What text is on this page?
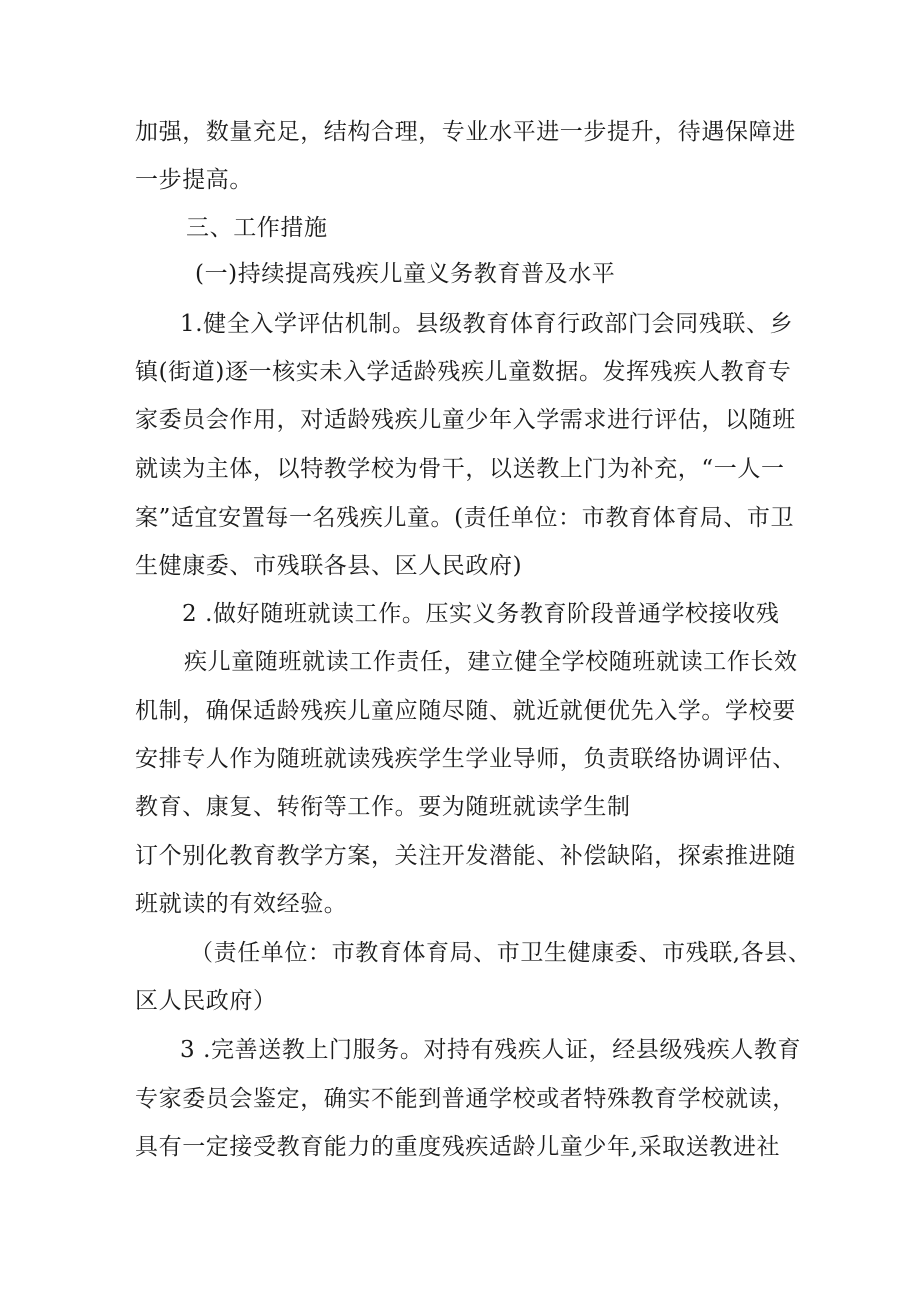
加强，数量充足，结构合理，专业水平进一步提升，待遇保障进
一步提高。
三、工作措施
(一)持续提高残疾儿童义务教育普及水平
1.健全入学评估机制。县级教育体育行政部门会同残联、乡
镇(街道)逐一核实未入学适龄残疾儿童数据。发挥残疾人教育专
家委员会作用，对适龄残疾儿童少年入学需求进行评估，以随班
就读为主体，以特教学校为骨干，以送教上门为补充，“一人一
案”适宜安置每一名残疾儿童。(责任单位：市教育体育局、市卫
生健康委、市残联各县、区人民政府)
2 .做好随班就读工作。压实义务教育阶段普通学校接收残
疾儿童随班就读工作责任，建立健全学校随班就读工作长效
机制，确保适龄残疾儿童应随尽随、就近就便优先入学。学校要
安排专人作为随班就读残疾学生学业导师，负责联络协调评估、
教育、康复、转衔等工作。要为随班就读学生制
订个别化教育教学方案，关注开发潜能、补偿缺陷，探索推进随
班就读的有效经验。
（责任单位：市教育体育局、市卫生健康委、市残联,各县、
区人民政府）
3 .完善送教上门服务。对持有残疾人证，经县级残疾人教育
专家委员会鉴定，确实不能到普通学校或者特殊教育学校就读，
具有一定接受教育能力的重度残疾适龄儿童少年,采取送教进社
